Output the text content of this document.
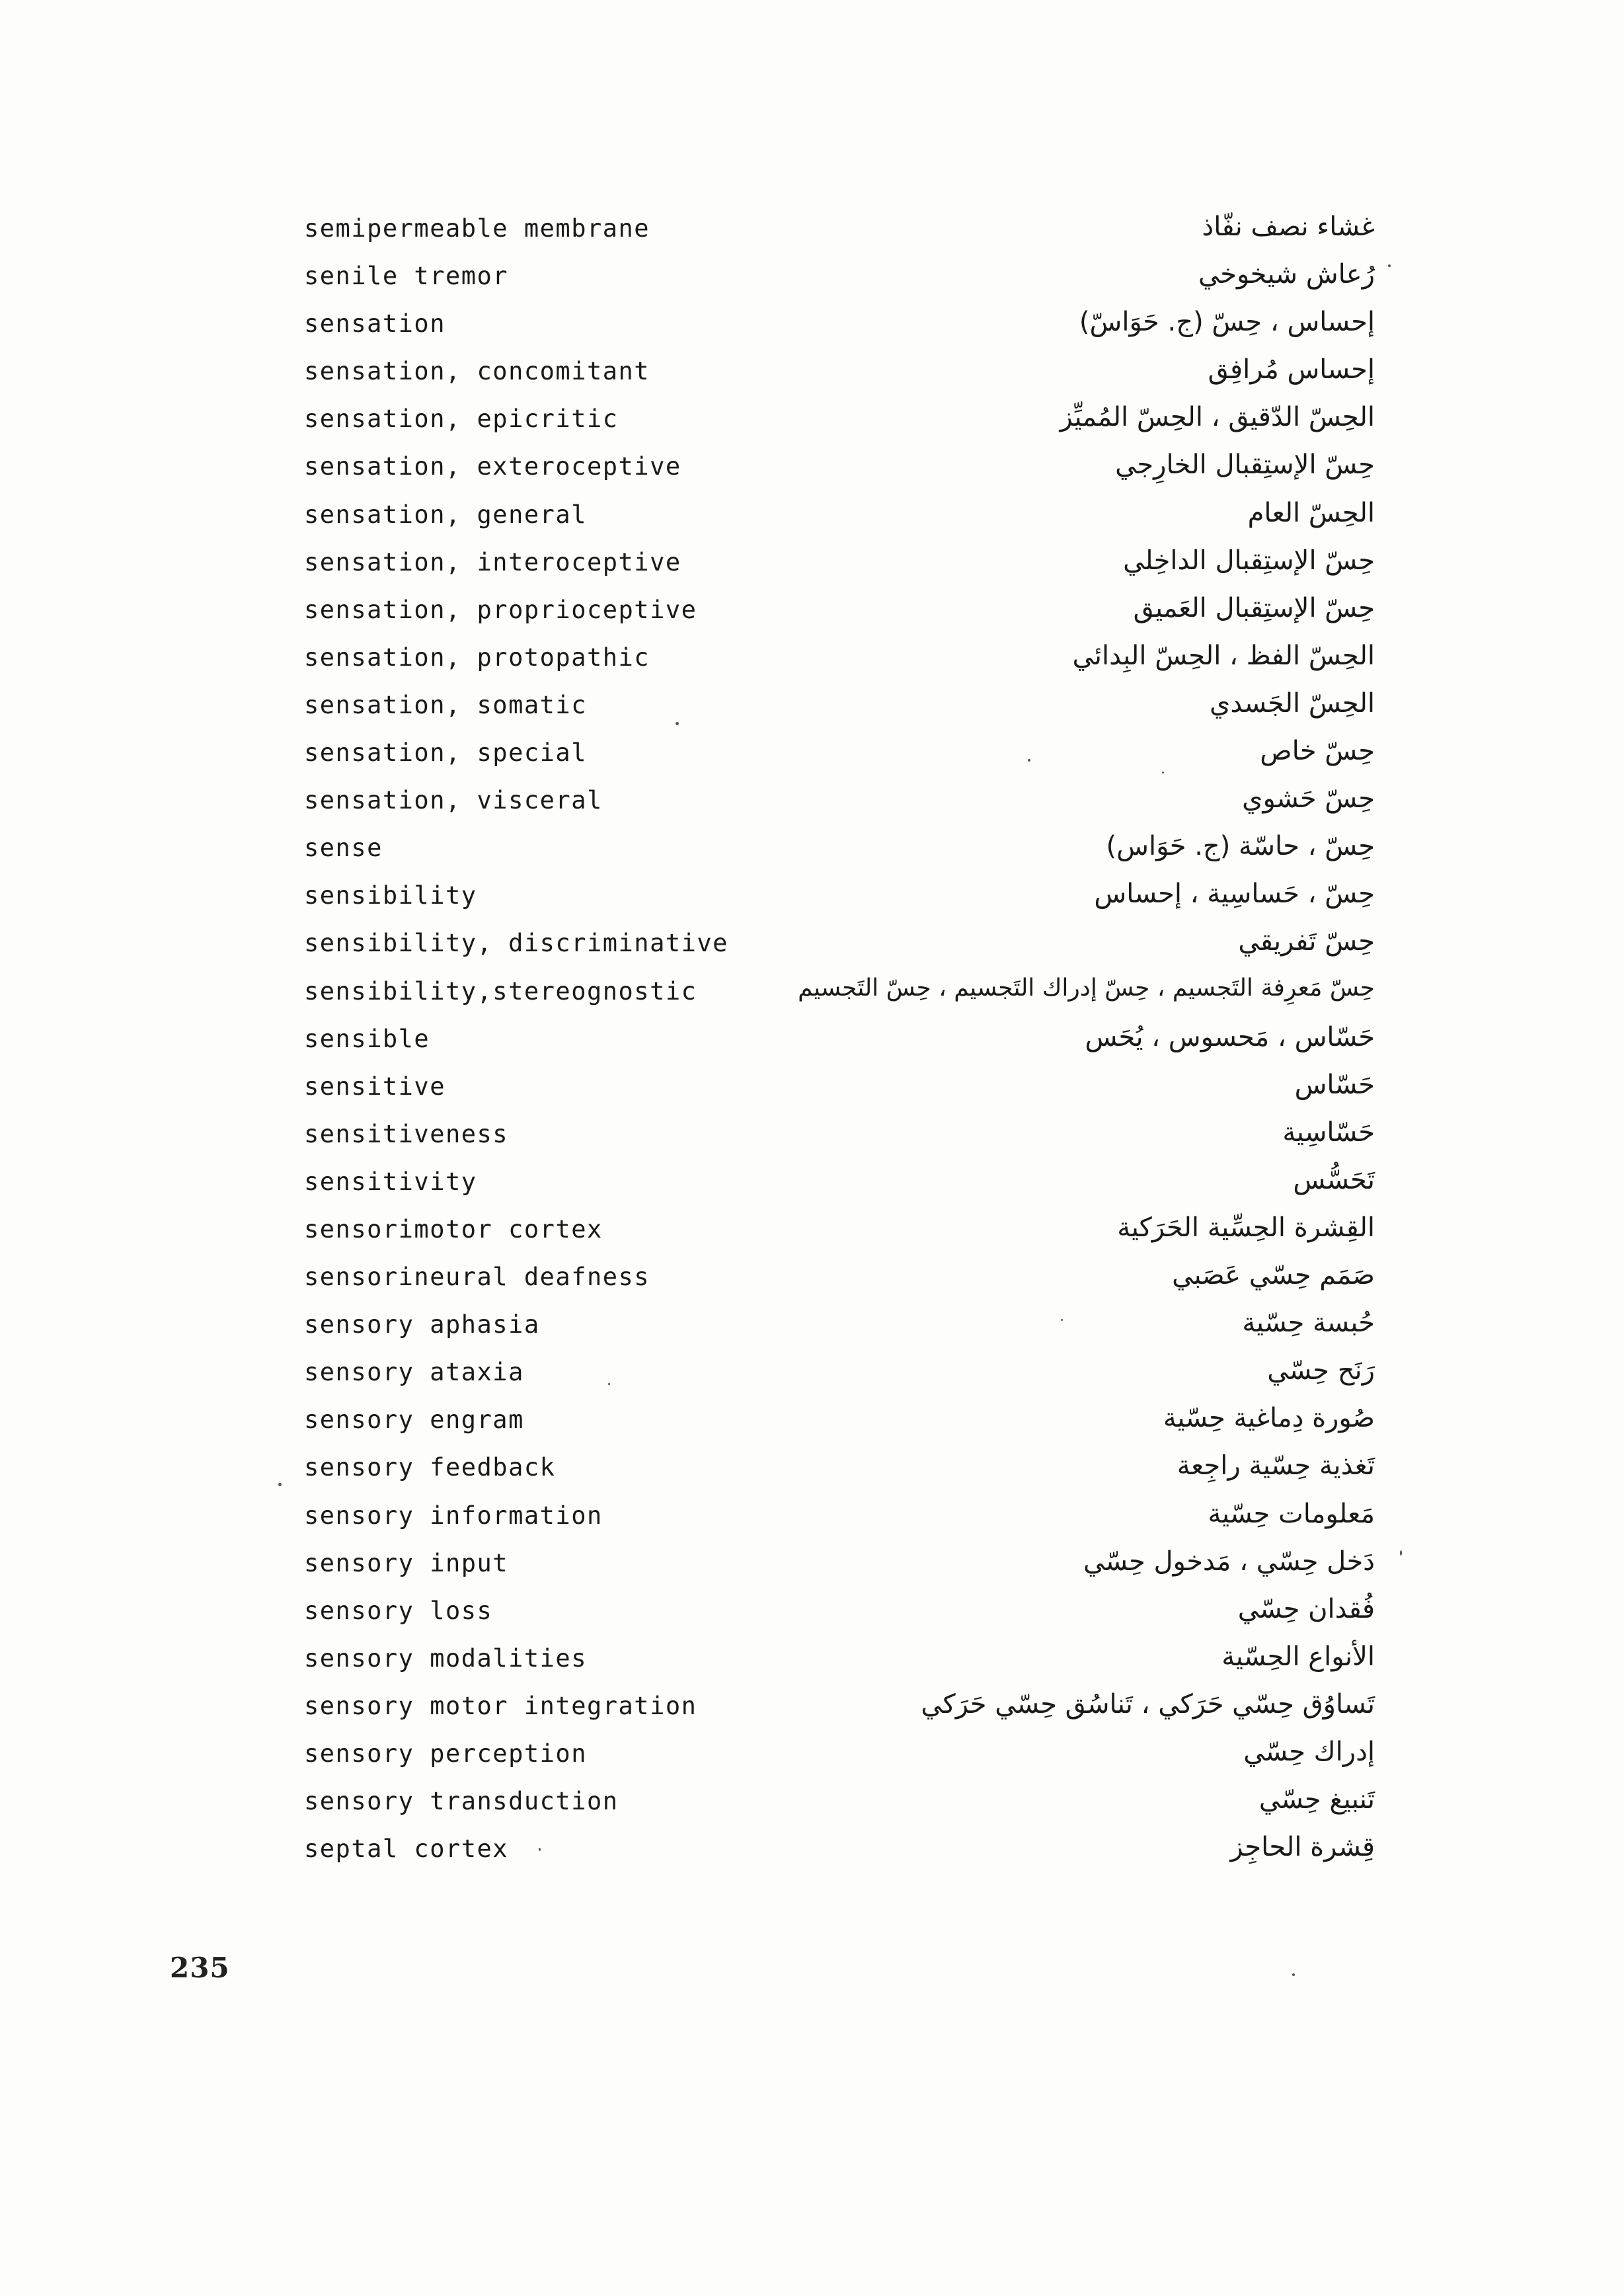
semipermeable membrane	غشاء نصف نفّاذ
senile tremor	رُعاش شيخوخي
sensation	إحساس ، حِسّ (ج. حَوَاسّ)
sensation, concomitant	إحساس مُرافِق
sensation, epicritic	الحِسّ الدّقيق ، الحِسّ المُميِّز
sensation, exteroceptive	حِسّ الإستِقبال الخارِجي
sensation, general	الحِسّ العام
sensation, interoceptive	حِسّ الإستِقبال الداخِلي
sensation, proprioceptive	حِسّ الإستِقبال العَميق
sensation, protopathic	الحِسّ الفظ ، الحِسّ البِدائي
sensation, somatic	الحِسّ الجَسدي
sensation, special	حِسّ خاص
sensation, visceral	حِسّ حَشوي
sense	حِسّ ، حاسّة (ج. حَوَاس)
sensibility	حِسّ ، حَساسِية ، إحساس
sensibility, discriminative	حِسّ تَفريقي
sensibility,stereognostic	حِسّ مَعرِفة التَجسيم ، حِسّ إدراك التَجسيم ، حِسّ التَجسيم
sensible	حَسّاس ، مَحسوس ، يُحَس
sensitive	حَسّاس
sensitiveness	حَسّاسِية
sensitivity	تَحَسُّس
sensorimotor cortex	القِشرة الحِسِّية الحَرَكية
sensorineural deafness	صَمَم حِسّي عَصَبي
sensory aphasia	حُبسة حِسّية
sensory ataxia	رَنَح حِسّي
sensory engram	صُورة دِماغية حِسّية
sensory feedback	تَغذية حِسّية راجِعة
sensory information	مَعلومات حِسّية
sensory input	دَخل حِسّي ، مَدخول حِسّي
sensory loss	فُقدان حِسّي
sensory modalities	الأنواع الحِسّية
sensory motor integration	تَساوُق حِسّي حَرَكي ، تَناسُق حِسّي حَرَكي
sensory perception	إدراك حِسّي
sensory transduction	تَنبيغ حِسّي
septal cortex	قِشرة الحاجِز
235
